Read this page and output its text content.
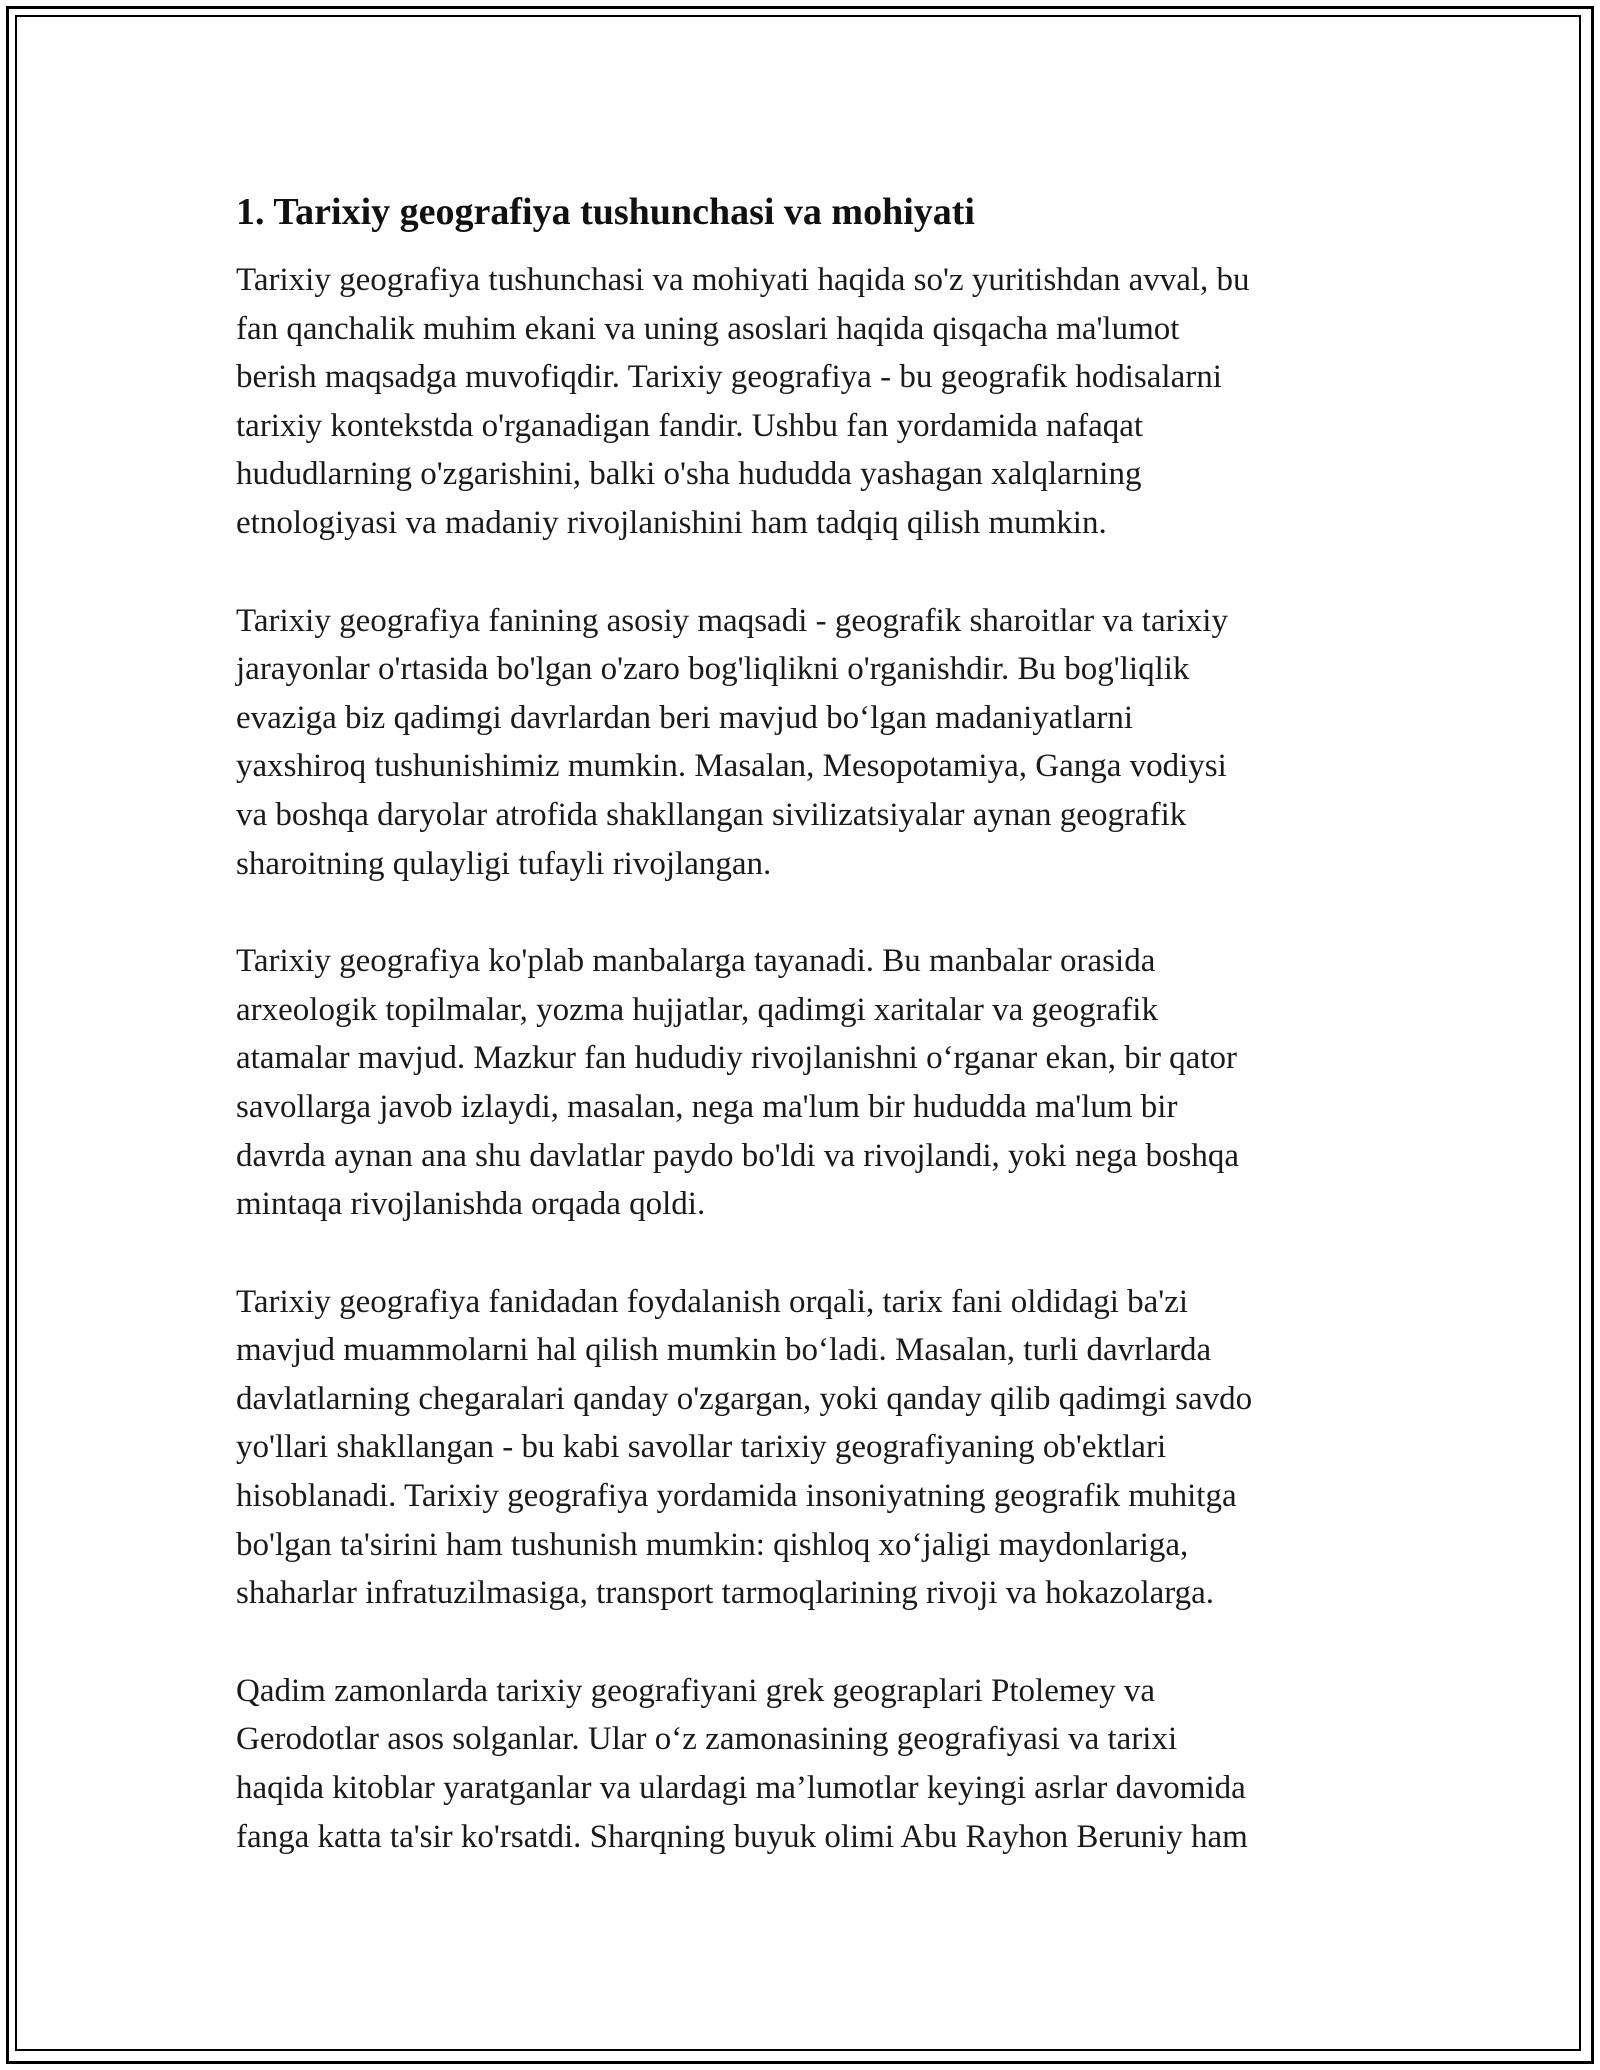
1. Tarixiy geografiya tushunchasi va mohiyati

Tarixiy geografiya tushunchasi va mohiyati haqida so'z yuritishdan avval, bu
fan qanchalik muhim ekani va uning asoslari haqida qisqacha ma'lumot
berish maqsadga muvofiqdir. Tarixiy geografiya - bu geografik hodisalarni
tarixiy kontekstda o'rganadigan fandir. Ushbu fan yordamida nafaqat
hududlarning o'zgarishini, balki o'sha hududda yashagan xalqlarning
etnologiyasi va madaniy rivojlanishini ham tadqiq qilish mumkin.

Tarixiy geografiya fanining asosiy maqsadi - geografik sharoitlar va tarixiy
jarayonlar o'rtasida bo'lgan o'zaro bog'liqlikni o'rganishdir. Bu bog'liqlik
evaziga biz qadimgi davrlardan beri mavjud bo‘lgan madaniyatlarni
yaxshiroq tushunishimiz mumkin. Masalan, Mesopotamiya, Ganga vodiysi
va boshqa daryolar atrofida shakllangan sivilizatsiyalar aynan geografik
sharoitning qulayligi tufayli rivojlangan.

Tarixiy geografiya ko'plab manbalarga tayanadi. Bu manbalar orasida
arxeologik topilmalar, yozma hujjatlar, qadimgi xaritalar va geografik
atamalar mavjud. Mazkur fan hududiy rivojlanishni o‘rganar ekan, bir qator
savollarga javob izlaydi, masalan, nega ma'lum bir hududda ma'lum bir
davrda aynan ana shu davlatlar paydo bo'ldi va rivojlandi, yoki nega boshqa
mintaqa rivojlanishda orqada qoldi.

Tarixiy geografiya fanidadan foydalanish orqali, tarix fani oldidagi ba'zi
mavjud muammolarni hal qilish mumkin bo‘ladi. Masalan, turli davrlarda
davlatlarning chegaralari qanday o'zgargan, yoki qanday qilib qadimgi savdo
yo'llari shakllangan - bu kabi savollar tarixiy geografiyaning ob'ektlari
hisoblanadi. Tarixiy geografiya yordamida insoniyatning geografik muhitga
bo'lgan ta'sirini ham tushunish mumkin: qishloq xo‘jaligi maydonlariga,
shaharlar infratuzilmasiga, transport tarmoqlarining rivoji va hokazolarga.

Qadim zamonlarda tarixiy geografiyani grek geograplari Ptolemey va
Gerodotlar asos solganlar. Ular o‘z zamonasining geografiyasi va tarixi
haqida kitoblar yaratganlar va ulardagi ma’lumotlar keyingi asrlar davomida
fanga katta ta'sir ko'rsatdi. Sharqning buyuk olimi Abu Rayhon Beruniy ham
